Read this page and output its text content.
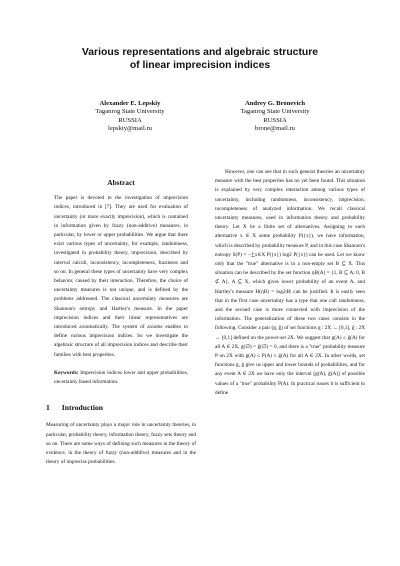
Various representations and algebraic structure
of linear imprecision indices
Alexander E. Lepskiy
Taganrog State University
RUSSIA
lepskiy@mail.ru
Andrey G. Bronevich
Taganrog State University
RUSSIA
brone@mail.ru
Abstract

The paper is devoted to the investigation of imprecision indices, introduced in [7]. They are used for evaluation of uncertainty (or more exactly imprecision), which is contained in information given by fuzzy (non-additive) measures, in particular, by lower or upper probabilities. We argue that there exist various types of uncertainty, for example, randomness, investigated in probability theory, imprecision, described by interval calculi, inconsistency, incompleteness, fuzziness and so on. In general these types of uncertainty have very complex behavior, caused by their interaction. Therefore, the choice of uncertainty measures is not unique, and is defined by the problems addressed. The classical uncertainty measures are Shannon's entropy and Hartley's measure. In the paper imprecision indices and their linear representatives are introduced axiomatically. The system of axioms enables to define various imprecision indices. So we investigate the algebraic structure of all imprecision indices and describe their families with best properties.

Keywords: Imprecision indices lower and upper probabilities, uncertainty based information.

1 Introduction

Measuring of uncertainty plays a major role in uncertainty theories, in particular, probability theory, information theory, fuzzy sets theory and so on. There are some ways of defining such measures in the theory of evidence, in the theory of fuzzy (non-additive) measures and in the theory of imprecise probabilities.

However, one can see that in such general theories an uncertainty measure with the best properties has no yet been found. This situation is explained by very complex interaction among various types of uncertainty, including randomness, inconsistency, imprecision, incompleteness of analyzed information. We recall classical uncertainty measures, used in information theory and probability theory. Let X be a finite set of alternatives. Assigning to each alternative x ∈ X some probability P({x}), we have information, which is described by probability measure P, and in this case Shannon's entropy S(P) = −∑x∈X P({x}) log2 P({x}) can be used. Let we know only that the "true" alternative is in a non-empty set B ⊆ X. This situation can be described by the set function ηB(A) = {1, B ⊆ A; 0, B ⊄ A}, A ⊆ X, which gives lower probability of an event A, and Hartley's measure H(ηB) = log2|B| can be justified. It is easily seen that in the first case uncertainty has a type that one call randomness, and the second case is more connected with imprecision of the information. The generalization of these two cases consists in the following. Consider a pair (g, ḡ) of set functions g : 2X → [0,1], ḡ : 2X → [0,1] defined on the power-set 2X. We suggest that g(A) ≤ ḡ(A) for all A ∈ 2X, g(∅) = ḡ(∅) = 0, and there is a "true" probability measure P on 2X with g(A) ≤ P(A) ≤ ḡ(A) for all A ∈ 2X. In other words, set functions g, ḡ give us upper and lower bounds of probabilities, and for any event A ∈ 2X we have only the interval [g(A), ḡ(A)] of possible values of a "true" probability P(A). In practical issues it is sufficient to define
